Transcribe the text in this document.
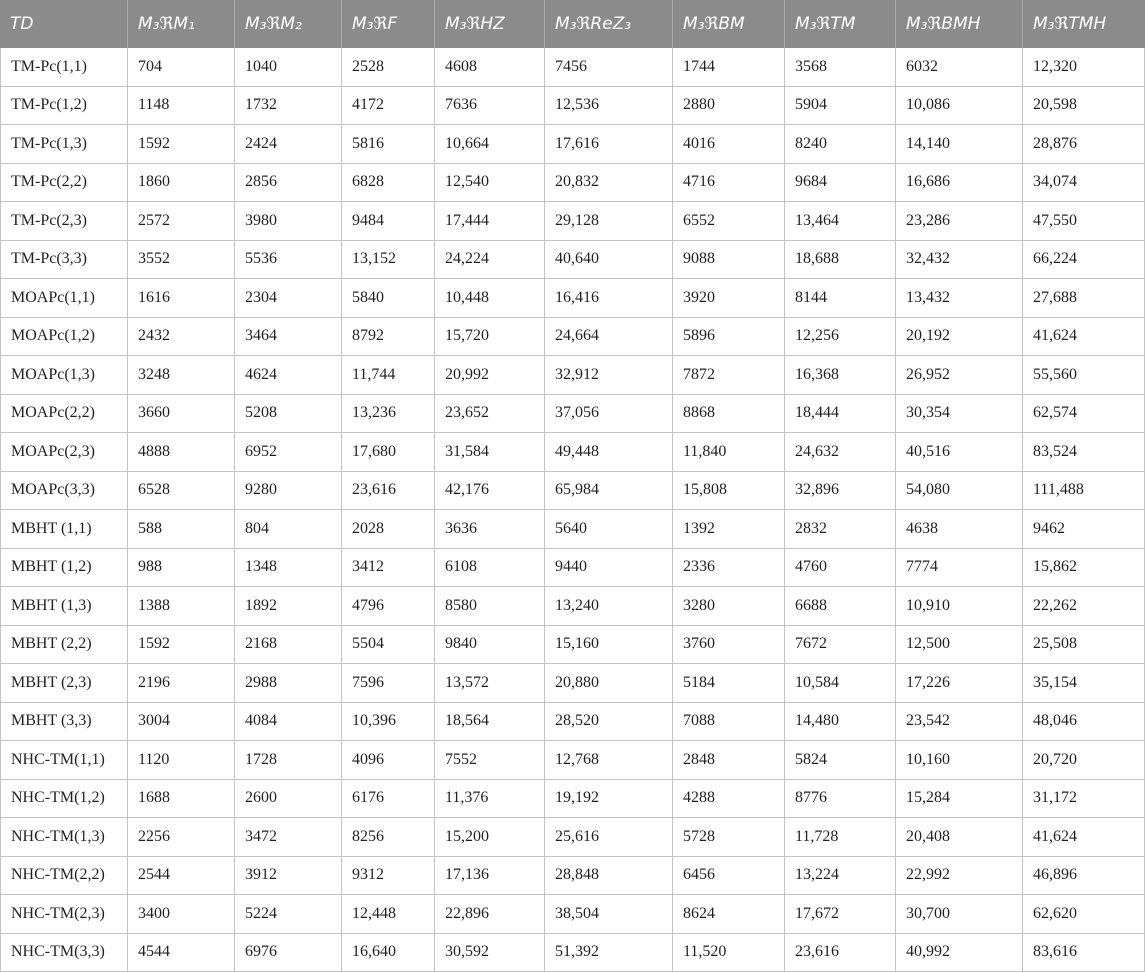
TD	M₃ℜM₁	M₃ℜM₂	M₃ℜF	M₃ℜHZ	M₃ℜReZ₃	M₃ℜBM	M₃ℜTM	M₃ℜBMH	M₃ℜTMH
TM-Pc(1,1)	704	1040	2528	4608	7456	1744	3568	6032	12,320
TM-Pc(1,2)	1148	1732	4172	7636	12,536	2880	5904	10,086	20,598
TM-Pc(1,3)	1592	2424	5816	10,664	17,616	4016	8240	14,140	28,876
TM-Pc(2,2)	1860	2856	6828	12,540	20,832	4716	9684	16,686	34,074
TM-Pc(2,3)	2572	3980	9484	17,444	29,128	6552	13,464	23,286	47,550
TM-Pc(3,3)	3552	5536	13,152	24,224	40,640	9088	18,688	32,432	66,224
MOAPc(1,1)	1616	2304	5840	10,448	16,416	3920	8144	13,432	27,688
MOAPc(1,2)	2432	3464	8792	15,720	24,664	5896	12,256	20,192	41,624
MOAPc(1,3)	3248	4624	11,744	20,992	32,912	7872	16,368	26,952	55,560
MOAPc(2,2)	3660	5208	13,236	23,652	37,056	8868	18,444	30,354	62,574
MOAPc(2,3)	4888	6952	17,680	31,584	49,448	11,840	24,632	40,516	83,524
MOAPc(3,3)	6528	9280	23,616	42,176	65,984	15,808	32,896	54,080	111,488
MBHT (1,1)	588	804	2028	3636	5640	1392	2832	4638	9462
MBHT (1,2)	988	1348	3412	6108	9440	2336	4760	7774	15,862
MBHT (1,3)	1388	1892	4796	8580	13,240	3280	6688	10,910	22,262
MBHT (2,2)	1592	2168	5504	9840	15,160	3760	7672	12,500	25,508
MBHT (2,3)	2196	2988	7596	13,572	20,880	5184	10,584	17,226	35,154
MBHT (3,3)	3004	4084	10,396	18,564	28,520	7088	14,480	23,542	48,046
NHC-TM(1,1)	1120	1728	4096	7552	12,768	2848	5824	10,160	20,720
NHC-TM(1,2)	1688	2600	6176	11,376	19,192	4288	8776	15,284	31,172
NHC-TM(1,3)	2256	3472	8256	15,200	25,616	5728	11,728	20,408	41,624
NHC-TM(2,2)	2544	3912	9312	17,136	28,848	6456	13,224	22,992	46,896
NHC-TM(2,3)	3400	5224	12,448	22,896	38,504	8624	17,672	30,700	62,620
NHC-TM(3,3)	4544	6976	16,640	30,592	51,392	11,520	23,616	40,992	83,616
